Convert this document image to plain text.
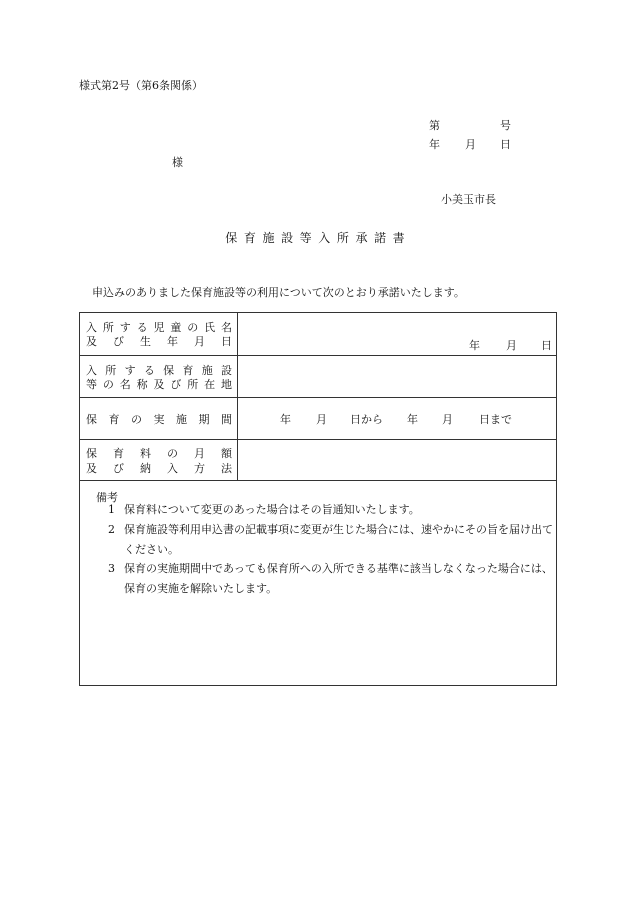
様式第2号（第6条関係）
第	号
年 月 日
様
小美玉市長
保育施設等入所承諾書
申込みのありました保育施設等の利用について次のとおり承諾いたします。
入所する児童の氏名
及び生年月日	年 月 日
入所する保育施設
等の名称及び所在地
保育の実施期間	年 月 日から 年 月 日まで
保育料の月額
及び納入方法
備考
1 保育料について変更のあった場合はその旨通知いたします。
2 保育施設等利用申込書の記載事項に変更が生じた場合には、速やかにその旨を届け出てください。
3 保育の実施期間中であっても保育所への入所できる基準に該当しなくなった場合には、保育の実施を解除いたします。
